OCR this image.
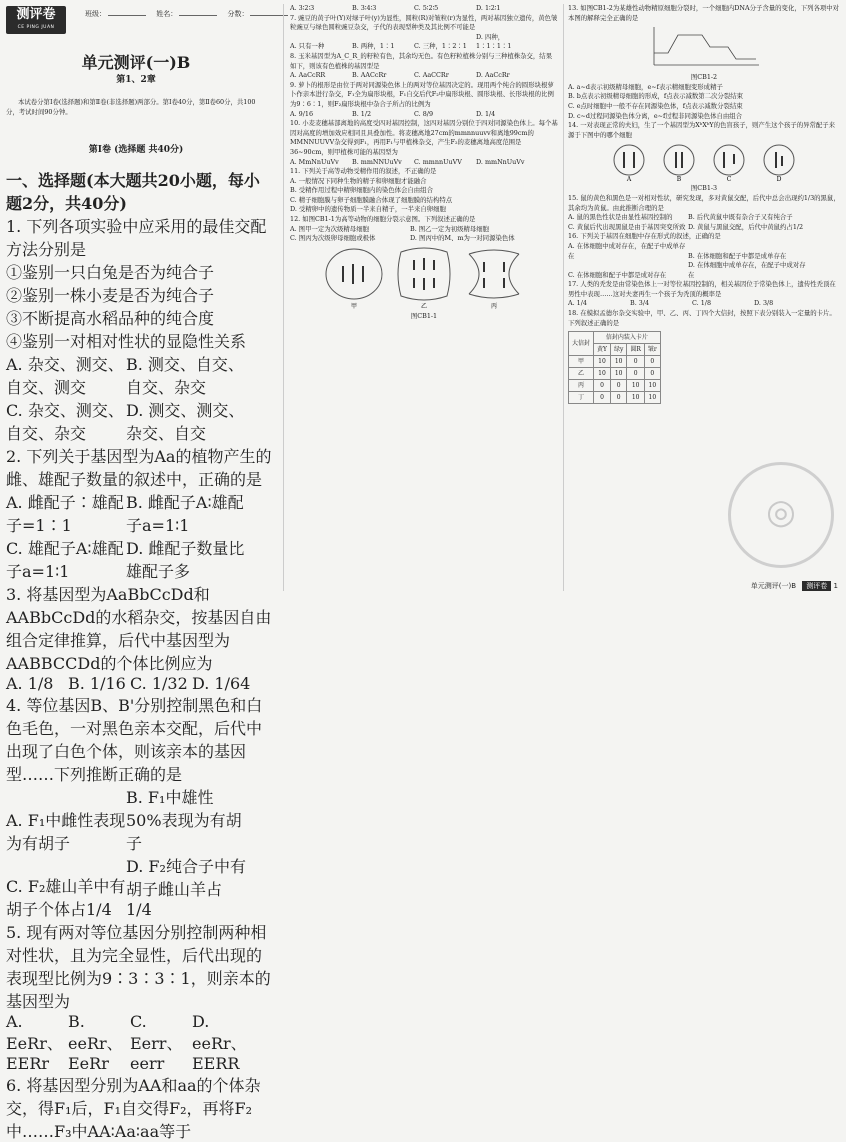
测评卷
CE PING JUAN
班级：	姓名：	分数：
单元测评(一)B
第1、2章

本试卷分第Ⅰ卷(选择题)和第Ⅱ卷(非选择题)两部分。第Ⅰ卷40分，第Ⅱ卷60分，共100分，考试时间90分钟。

第Ⅰ卷 (选择题 共40分)

一、选择题(本大题共20小题，每小题2分，共40分)

1. 下列各项实验中应采用的最佳交配方法分别是

①鉴别一只白兔是否为纯合子

②鉴别一株小麦是否为纯合子

③不断提高水稻品种的纯合度

④鉴别一对相对性状的显隐性关系

A. 杂交、测交、自交、测交B. 测交、自交、自交、杂交C. 杂交、测交、自交、杂交D. 测交、测交、杂交、自交

2. 下列关于基因型为Aa的植物产生的雌、雄配子数量的叙述中，正确的是

A. 雌配子∶雄配子=1∶1B. 雌配子A∶雄配子a=1∶1C. 雄配子A∶雄配子a=1∶1D. 雌配子数量比雄配子多

3. 将基因型为AaBbCcDd和AABbCcDd的水稻杂交，按基因自由组合定律推算，后代中基因型为AABBCCDd的个体比例应为

A. 1/8 B. 1/16 C. 1/32 D. 1/64

4. 等位基因B、B'分别控制黑色和白色毛色，一对黑色亲本交配，后代中出现了白色个体，则该亲本的基因型……下列推断正确的是

A. F₁中雌性表现为有胡子B. F₁中雄性50%表现为有胡子C. F₂雄山羊中有胡子个体占1/4D. F₂纯合子中有胡子雌山羊占1/4

5. 现有两对等位基因分别控制两种相对性状，且为完全显性，后代出现的表现型比例为9∶3∶3∶1，则亲本的基因型为

A. EeRr、EERrB. eeRr、EeRrC. Eerr、eerrD. eeRr、EERR

6. 将基因型分别为AA和aa的个体杂交，得F₁后，F₁自交得F₂，再将F₂中……F₃中AA∶Aa∶aa等于

A. 3∶2∶3	B. 3∶4∶3	C. 5∶2∶5	D. 1∶2∶1

7. 豌豆的黄子叶(Y)对绿子叶(y)为显性，圆粒(R)对皱粒(r)为显性，两对基因独立遗传，黄色皱粒豌豆与绿色圆粒豌豆杂交，子代的表现型种类及其比例不可能是

A. 只有一种	B. 两种，1∶1	C. 三种，1∶2∶1D. 四种，1∶1∶1∶1

8. 玉米基因型为A_C_R_的籽粒有色，其余均无色。有色籽粒植株分别与三种植株杂交，结果如下，则该有色植株的基因型是

A. AaCcRR	B. AACcRr	C. AaCCRr	D. AaCcRr

9. 萝卜的根形是由位于两对同源染色体上的两对等位基因决定的。现用两个纯合的圆形块根萝卜作亲本进行杂交，F₁全为扁形块根，F₁自交后代F₂中扁形块根、圆形块根、长形块根的比例为9∶6∶1，则F₂扁形块根中杂合子所占的比例为

A. 9/16	B. 1/2	C. 8/9	D. 1/4

10. 小麦麦穗基部离地的高度受四对基因控制，这四对基因分别位于四对同源染色体上。每个基因对高度的增加效应相同且具叠加性。将麦穗离地27cm的mmnnuuvv和离地99cm的MMNNUUVV杂交得到F₁，再用F₁与甲植株杂交，产生F₂的麦穗离地高度范围是36~90cm，则甲植株可能的基因型为

A. MmNnUuVv B. mmNNUuVv C. mmnnUuVV D. mmNnUuVv

11. 下列关于高等动物受精作用的叙述，不正确的是

A. 一般情况下同种生物的精子和卵细胞才能融合

B. 受精作用过程中精卵细胞内的染色体会自由组合

C. 精子细胞膜与卵子细胞膜融合体现了细胞膜的结构特点

D. 受精卵中的遗传物质一半来自精子，一半来自卵细胞

12. 如图CB1-1为高等动物的细胞分裂示意图。下列叙述正确的是

A. 图甲一定为次级精母细胞	B. 图乙一定为初级精母细胞C. 图丙为次级卵母细胞或极体	D. 图丙中的M、m为一对同源染色体
甲	乙	丙

图CB1-1

13. 如图CB1-2为某雄性动物精原细胞分裂时，一个细胞内DNA分子含量的变化，下列各项中对本图的解释完全正确的是

图CB1-2

A. a~d表示初级精母细胞，e~f表示精细胞变形成精子

B. b点表示初级精母细胞的形成，f点表示减数第二次分裂结束

C. e点时细胞中一般不存在同源染色体，f点表示减数分裂结束

D. c~d过程同源染色体分离，e~f过程非同源染色体自由组合

14. 一对表现正常的夫妇，生了一个基因型为XᵇXᵇY的色盲孩子，则产生这个孩子的异常配子来源于下图中的哪个细胞

A	B	C	D

图CB1-3

15. 鼠的黄色和黑色是一对相对性状，研究发现，多对黄鼠交配，后代中总会出现约1/3的黑鼠，其余均为黄鼠。由此推断合理的是

A. 鼠的黑色性状是由显性基因控制的 B. 后代黄鼠中既有杂合子又有纯合子C. 黄鼠后代出现黑鼠是由于基因突变所致 D. 黄鼠与黑鼠交配，后代中黄鼠约占1/2

16. 下列关于基因在细胞中存在形式的叙述，正确的是

A. 在体细胞中成对存在，在配子中成单存在	B. 在体细胞和配子中都是成单存在C. 在体细胞和配子中都是成对存在D. 在体细胞中成单存在，在配子中成对存在

17. 人类的秃发是由常染色体上一对等位基因控制的，相关基因位于常染色体上，遗传性秃顶在男性中表现……这对夫妻再生一个孩子为秃顶的概率是

A. 1/4	B. 3/4	C. 1/8	D. 3/8

18. 在模拟孟德尔杂交实验中，甲、乙、丙、丁四个大信封，按照下表分别装入一定量的卡片。下列叙述正确的是

大信封	信封内装入卡片			
	黄Y	绿y	圆R	皱r
甲	10	10	0	0
乙	10	10	0	0
丙	0	0	10	10
丁	0	0	10	10
◎
单元测评(一)B 测评卷 1
